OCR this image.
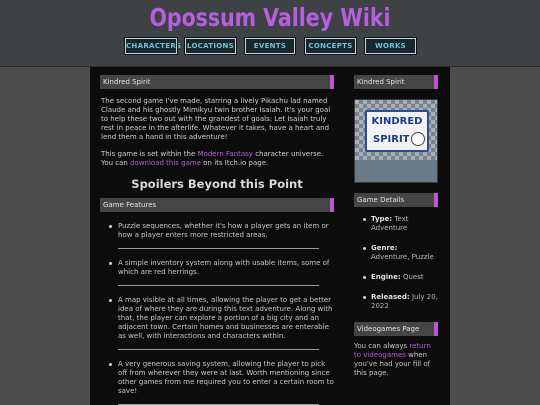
Opossum Valley Wiki
CHARACTERS LOCATIONS	EVENTS	CONCEPTS	WORKS
Kindred Spirit

The second game I've made, starring a lively Pikachu lad named Claude and his ghostly Mimikyu twin brother Isaiah. It's your goal to help these two out with the grandest of goals: Let Isaiah truly rest in peace in the afterlife. Whatever it takes, have a heart and lend them a hand in this adventure!

This game is set within the Modern Fantasy character universe.
You can download this game on its Itch.io page.

Spoilers Beyond this Point
Game Features
Puzzle sequences, whether it's how a player gets an item or how a player enters more restricted areas.
A simple inventory system along with usable items, some of which are red herrings.
A map visible at all times, allowing the player to get a better idea of where they are during this text adventure. Along with that, the player can explore a portion of a big city and an adjacent town. Certain homes and businesses are enterable as well, with interactions and characters within.
A very generous saving system, allowing the player to pick off from wherever they were at last. Worth mentioning since other games from me required you to enter a certain room to save!
Kindred Spirit
KINDRED
SPIRIT
Game Details
Type: Text Adventure
Genre: Adventure, Puzzle
Engine: Quest
Released: July 20, 2022
Videogames Page

You can always return to videogames when you've had your fill of this page.
